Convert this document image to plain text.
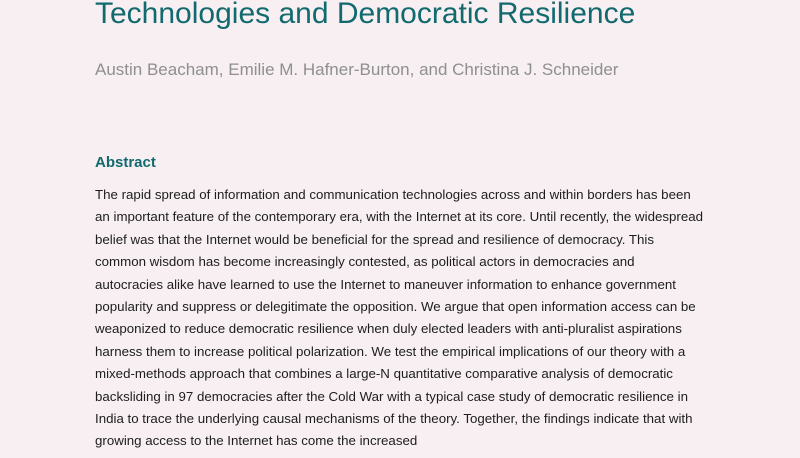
Technologies and Democratic Resilience
Austin Beacham, Emilie M. Hafner-Burton, and Christina J. Schneider
Abstract
The rapid spread of information and communication technologies across and within borders has been an important feature of the contemporary era, with the Internet at its core. Until recently, the widespread belief was that the Internet would be beneficial for the spread and resilience of democracy. This common wisdom has become increasingly contested, as political actors in democracies and autocracies alike have learned to use the Internet to maneuver information to enhance government popularity and suppress or delegitimate the opposition. We argue that open information access can be weaponized to reduce democratic resilience when duly elected leaders with anti-pluralist aspirations harness them to increase political polarization. We test the empirical implications of our theory with a mixed-methods approach that combines a large-N quantitative comparative analysis of democratic backsliding in 97 democracies after the Cold War with a typical case study of democratic resilience in India to trace the underlying causal mechanisms of the theory. Together, the findings indicate that with growing access to the Internet has come the increased
